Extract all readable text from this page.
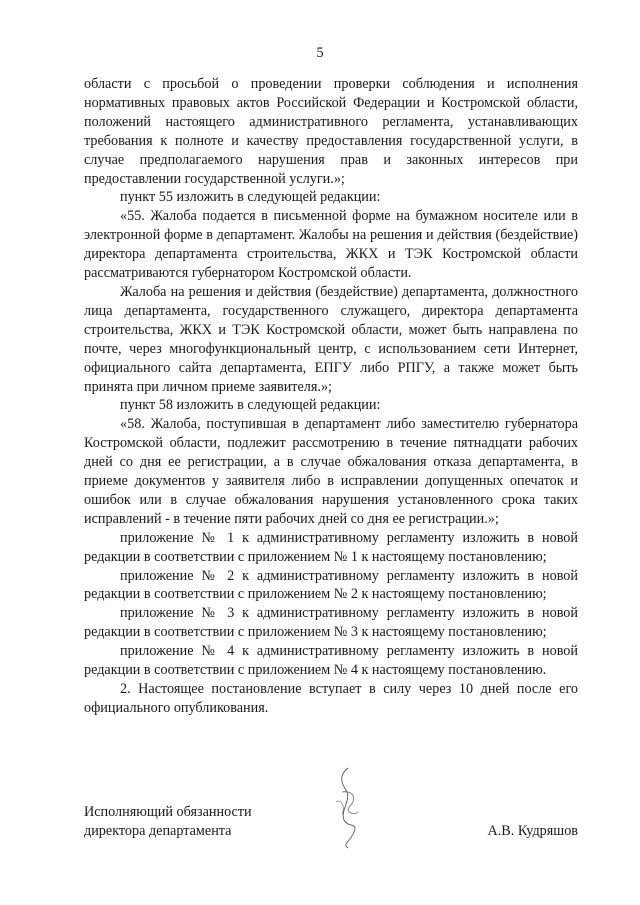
5

области с просьбой о проведении проверки соблюдения и исполнения нормативных правовых актов Российской Федерации и Костромской области, положений настоящего административного регламента, устанавливающих требования к полноте и качеству предоставления государственной услуги, в случае предполагаемого нарушения прав и законных интересов при предоставлении государственной услуги.»;

пункт 55 изложить в следующей редакции:

«55. Жалоба подается в письменной форме на бумажном носителе или в электронной форме в департамент. Жалобы на решения и действия (бездействие) директора департамента строительства, ЖКХ и ТЭК Костромской области рассматриваются губернатором Костромской области.

Жалоба на решения и действия (бездействие) департамента, должностного лица департамента, государственного служащего, директора департамента строительства, ЖКХ и ТЭК Костромской области, может быть направлена по почте, через многофункциональный центр, с использованием сети Интернет, официального сайта департамента, ЕПГУ либо РПГУ, а также может быть принята при личном приеме заявителя.»;

пункт 58 изложить в следующей редакции:

«58. Жалоба, поступившая в департамент либо заместителю губернатора Костромской области, подлежит рассмотрению в течение пятнадцати рабочих дней со дня ее регистрации, а в случае обжалования отказа департамента, в приеме документов у заявителя либо в исправлении допущенных опечаток и ошибок или в случае обжалования нарушения установленного срока таких исправлений - в течение пяти рабочих дней со дня ее регистрации.»;

приложение № 1 к административному регламенту изложить в новой редакции в соответствии с приложением № 1 к настоящему постановлению;

приложение № 2 к административному регламенту изложить в новой редакции в соответствии с приложением № 2 к настоящему постановлению;

приложение № 3 к административному регламенту изложить в новой редакции в соответствии с приложением № 3 к настоящему постановлению;

приложение № 4 к административному регламенту изложить в новой редакции в соответствии с приложением № 4 к настоящему постановлению.

2. Настоящее постановление вступает в силу через 10 дней после его официального опубликования.

Исполняющий обязанности
директора департамента	А.В. Кудряшов
